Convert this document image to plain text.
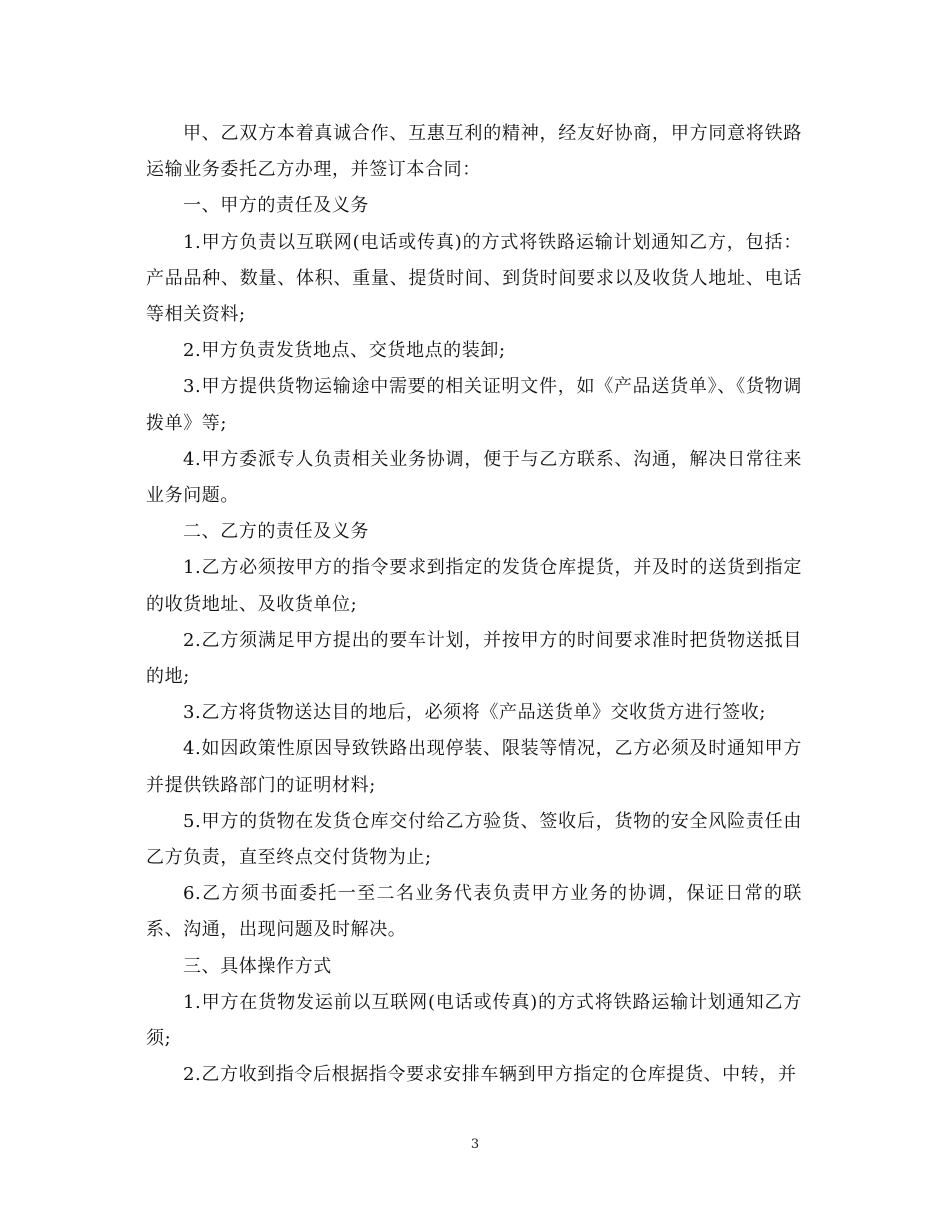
甲、乙双方本着真诚合作、互惠互利的精神，经友好协商，甲方同意将铁路运输业务委托乙方办理，并签订本合同：

一、甲方的责任及义务

1.甲方负责以互联网(电话或传真)的方式将铁路运输计划通知乙方，包括：产品品种、数量、体积、重量、提货时间、到货时间要求以及收货人地址、电话等相关资料;

2.甲方负责发货地点、交货地点的装卸;

3.甲方提供货物运输途中需要的相关证明文件，如《产品送货单》、《货物调拨单》等;

4.甲方委派专人负责相关业务协调，便于与乙方联系、沟通，解决日常往来业务问题。

二、乙方的责任及义务

1.乙方必须按甲方的指令要求到指定的发货仓库提货，并及时的送货到指定的收货地址、及收货单位;

2.乙方须满足甲方提出的要车计划，并按甲方的时间要求准时把货物送抵目的地;

3.乙方将货物送达目的地后，必须将《产品送货单》交收货方进行签收;

4.如因政策性原因导致铁路出现停装、限装等情况，乙方必须及时通知甲方并提供铁路部门的证明材料;

5.甲方的货物在发货仓库交付给乙方验货、签收后，货物的安全风险责任由乙方负责，直至终点交付货物为止;

6.乙方须书面委托一至二名业务代表负责甲方业务的协调，保证日常的联系、沟通，出现问题及时解决。

三、具体操作方式

1.甲方在货物发运前以互联网(电话或传真)的方式将铁路运输计划通知乙方须;

2.乙方收到指令后根据指令要求安排车辆到甲方指定的仓库提货、中转，并

3
